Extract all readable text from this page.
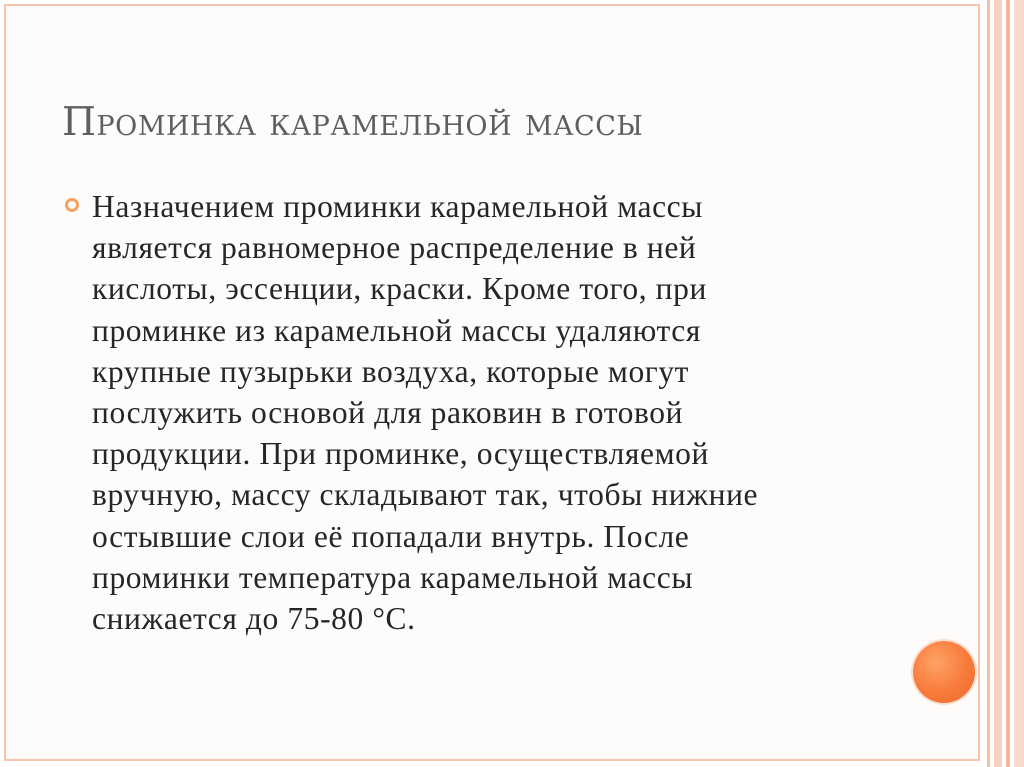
Проминка карамельной массы

Назначением проминки карамельной массы
является равномерное распределение в ней
кислоты, эссенции, краски. Кроме того, при
проминке из карамельной массы удаляются
крупные пузырьки воздуха, которые могут
послужить основой для раковин в готовой
продукции. При проминке, осуществляемой
вручную, массу складывают так, чтобы нижние
остывшие слои её попадали внутрь. После
проминки температура карамельной массы
снижается до 75-80 °С.
